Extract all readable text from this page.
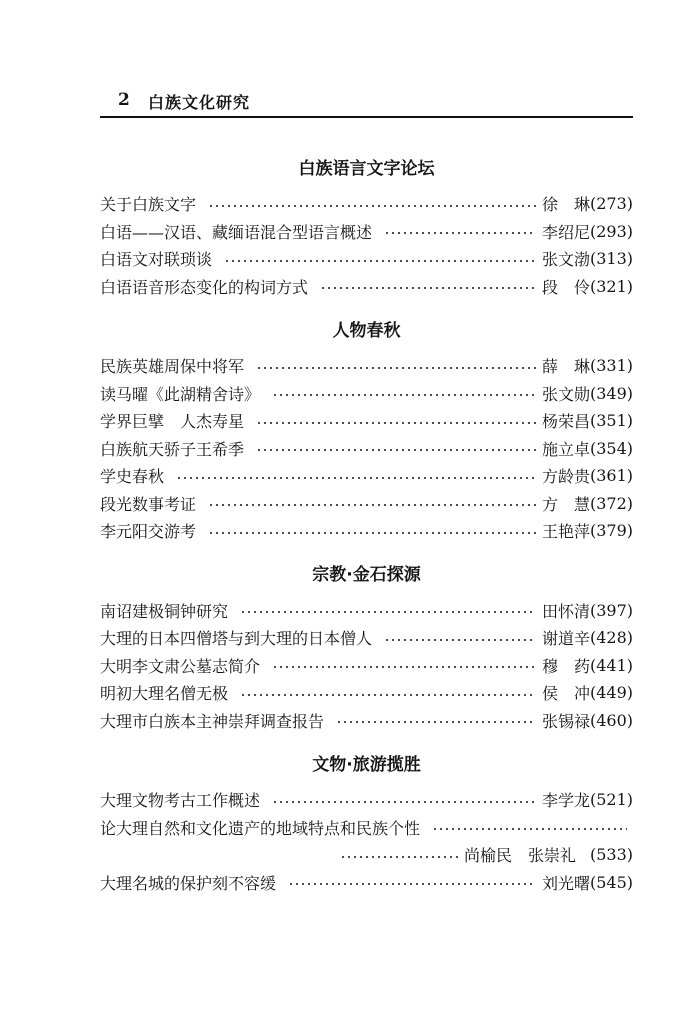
2 白族文化研究
白族语言文字论坛
关于白族文字	徐　琳 (273)
白语——汉语、藏缅语混合型语言概述	李绍尼 (293)
白语文对联琐谈	张文渤 (313)
白语语音形态变化的构词方式	段　伶 (321)
人物春秋
民族英雄周保中将军	薛　琳 (331)
读马曜《此湖精舍诗》	张文勋 (349)
学界巨擘　人杰寿星	杨荣昌 (351)
白族航天骄子王希季	施立卓 (354)
学史春秋	方龄贵 (361)
段光数事考证	方　慧 (372)
李元阳交游考	王艳萍 (379)
宗教·金石探源
南诏建极铜钟研究	田怀清 (397)
大理的日本四僧塔与到大理的日本僧人	谢道辛 (428)
大明李文肃公墓志简介	穆　药 (441)
明初大理名僧无极	侯　冲 (449)
大理市白族本主神崇拜调查报告	张锡禄 (460)
文物·旅游揽胜
大理文物考古工作概述	李学龙 (521)
论大理自然和文化遗产的地域特点和民族个性
尚榆民　张崇礼 (533)
大理名城的保护刻不容缓	刘光曙 (545)
